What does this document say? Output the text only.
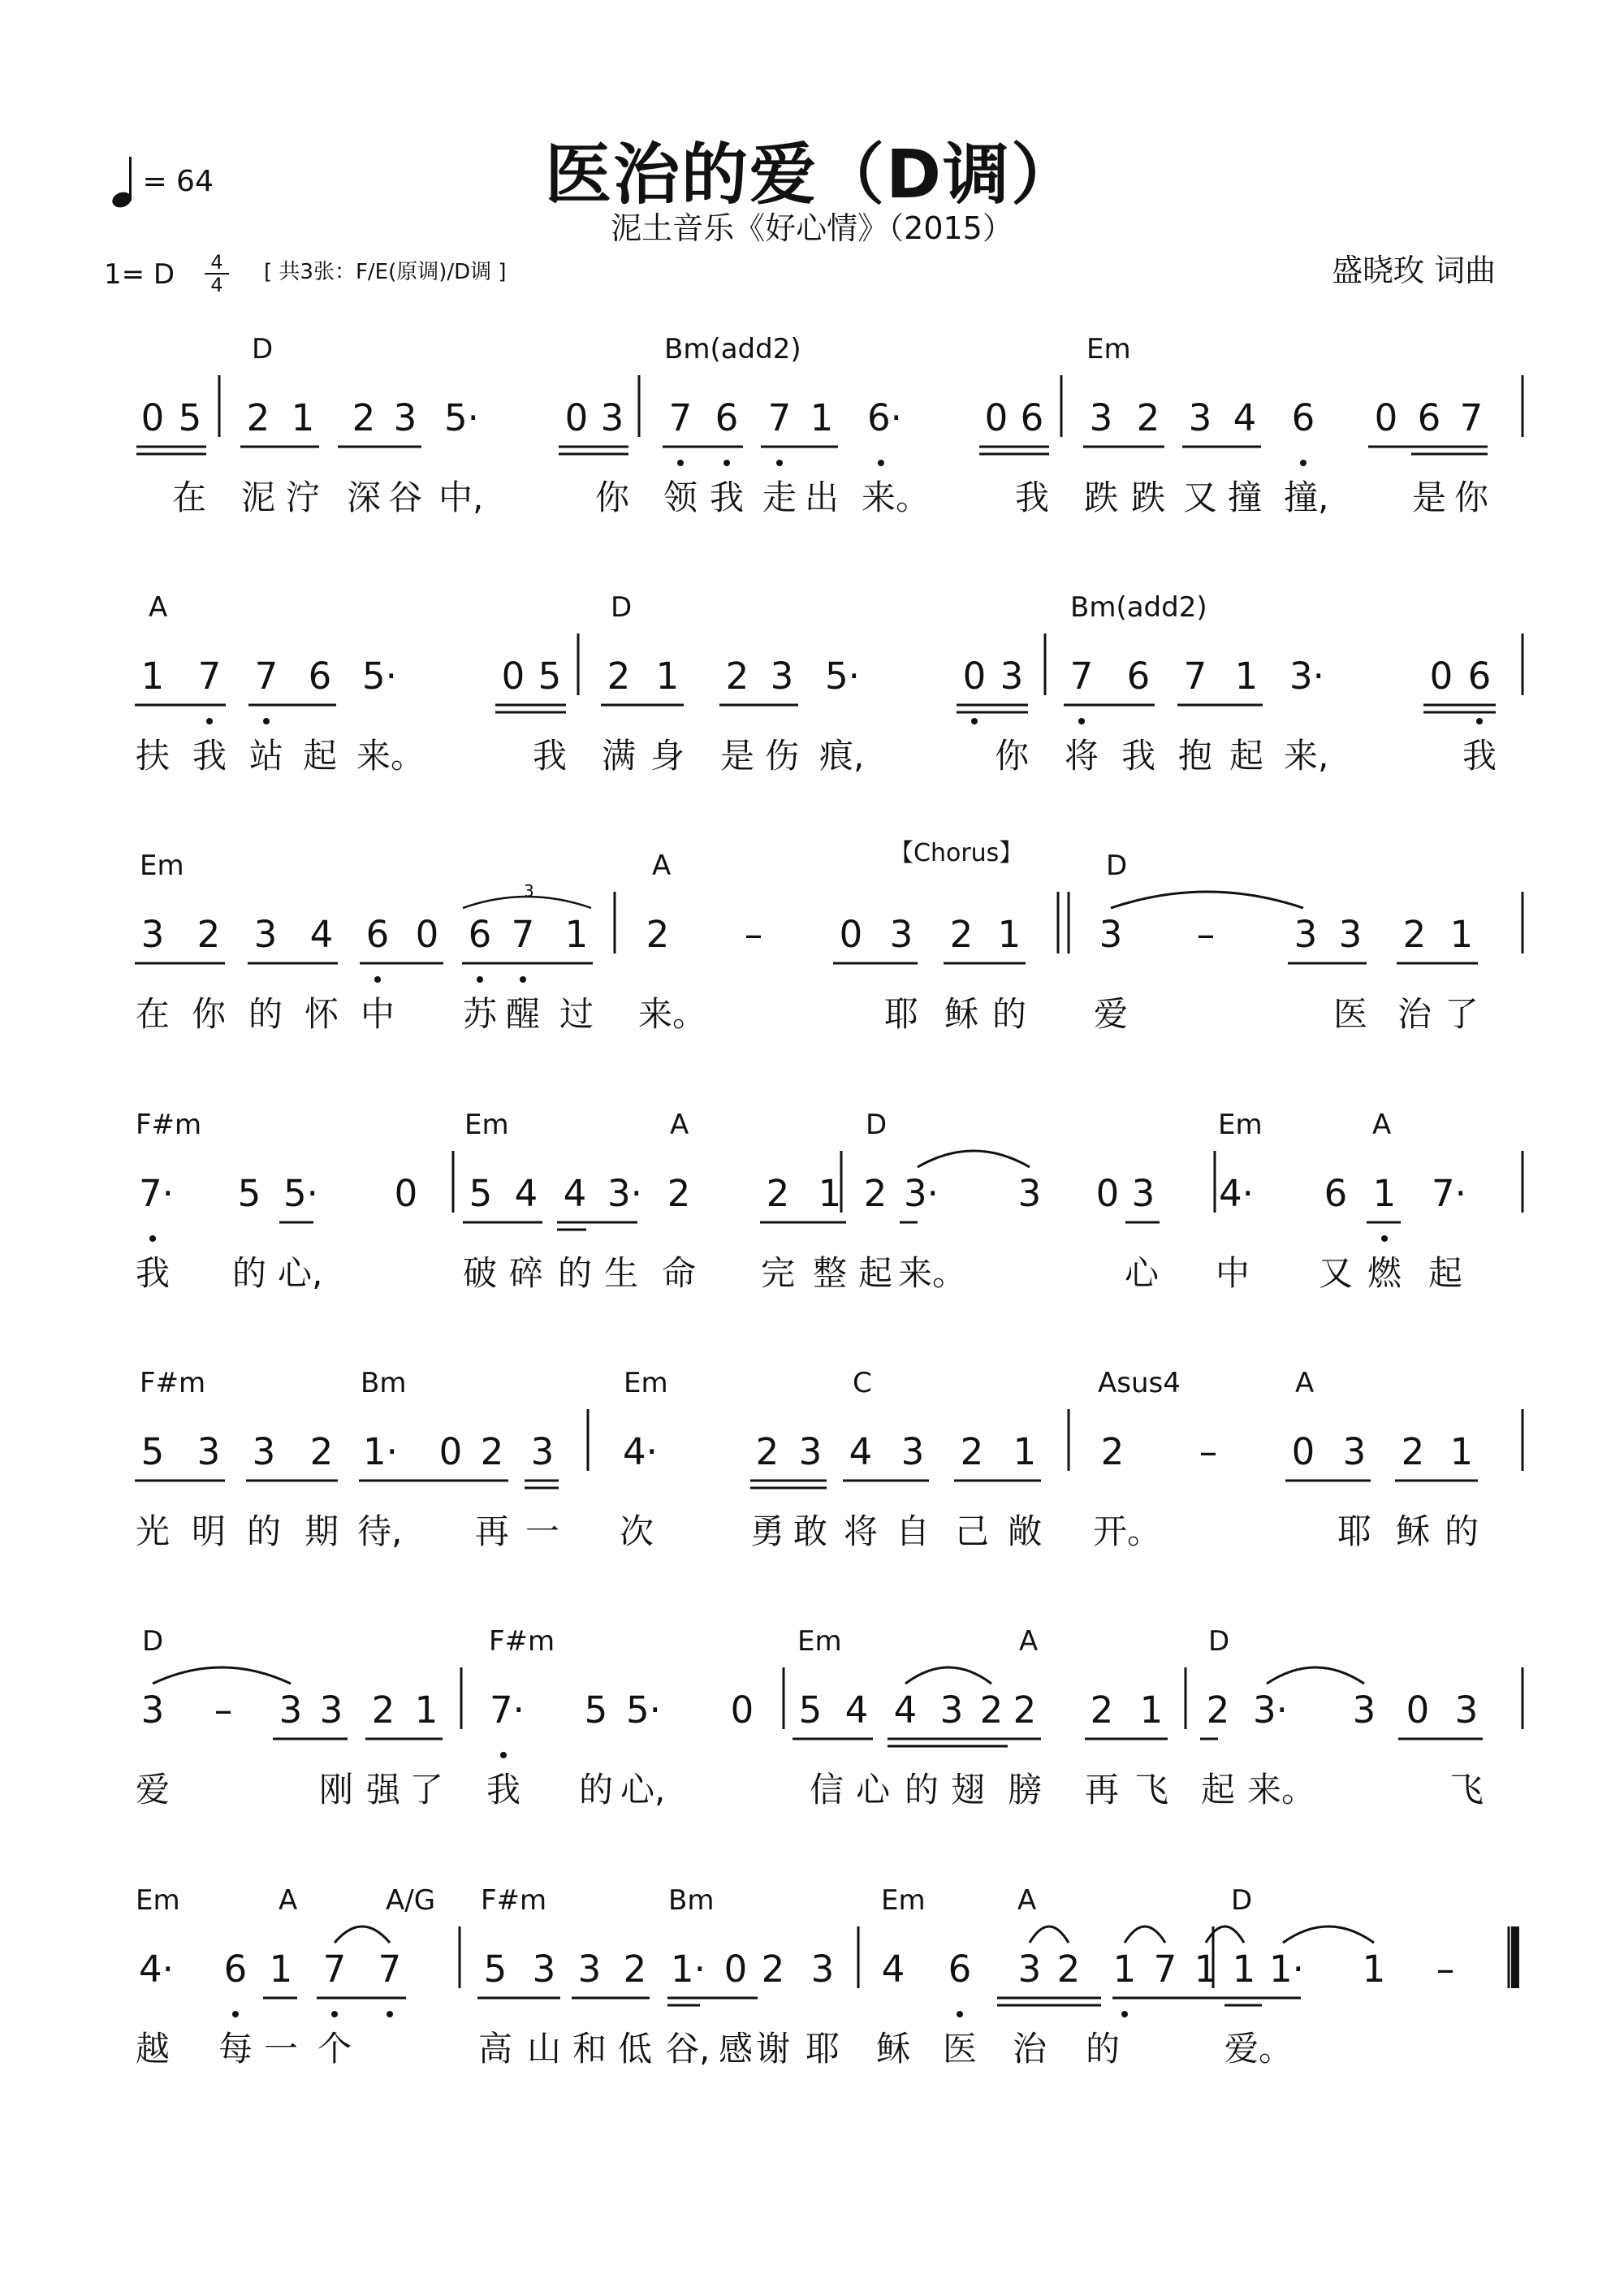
医治的爱（D调）
泥土音乐《好心情》（2015）
= 64
1= D	4
4
[ 共3张：F/E(原调)/D调 ]	盛晓玫 词曲
【Chorus】
3
D	Bm(add2)	Em
0 5 2 1 2 3 5· 0 3 7 6 7 1 6· 0 6 3 2 3 4 6 0 6 7
在 泥 泞 深 谷 中,	你 领 我 走 出 来。 我 跌 跌 又 撞 撞, 是 你
A	D	Bm(add2)
1 7 7 6 5·	0 5 2 1 2 3 5·	0 3 7 6 7 1 3·	0 6
扶 我 站 起 来。	我 满 身 是 伤 痕,	你 将 我 抱 起 来,	我
Em	A	D
3 2 3 4 6 0 6 7 1 2 – 0 3 2 1 3 – 3 3 2 1
在 你 的 怀 中 苏 醒 过 来。	耶 稣 的 爱	医 治 了
F#m	Em	A	D	Em	A
7· 5 5· 0 5 4 4 3· 2 2 1 2 3· 3 0 3 4· 6 1 7·
我 的 心,	破 碎 的 生 命 完 整 起 来。	心 中 又 燃 起
F#m	Bm	Em	C	Asus4	A
5 3 3 2 1· 0 2 3 4·	2 3 4 3 2 1 2 – 0 3 2 1
光 明 的 期 待, 再 一 次	勇 敢 将 自 己 敞 开。	耶 稣 的
D	F#m	Em	A	D
3 – 3 3 2 1 7· 5 5· 0 5 4 4 3 2 2 2 1 2 3· 3 0 3
爱	刚 强 了 我 的 心,	信 心 的 翅 膀 再 飞 起 来。	飞
Em	A	A/G F#m	Bm	Em	A	D
4· 6 1 7 7 5 3 3 2 1· 0 2 3 4 6 3 2 1 7 1 1 1· 1 –
越 每 一 个	高 山 和 低 谷, 感 谢 耶 稣 医 治 的	爱。
